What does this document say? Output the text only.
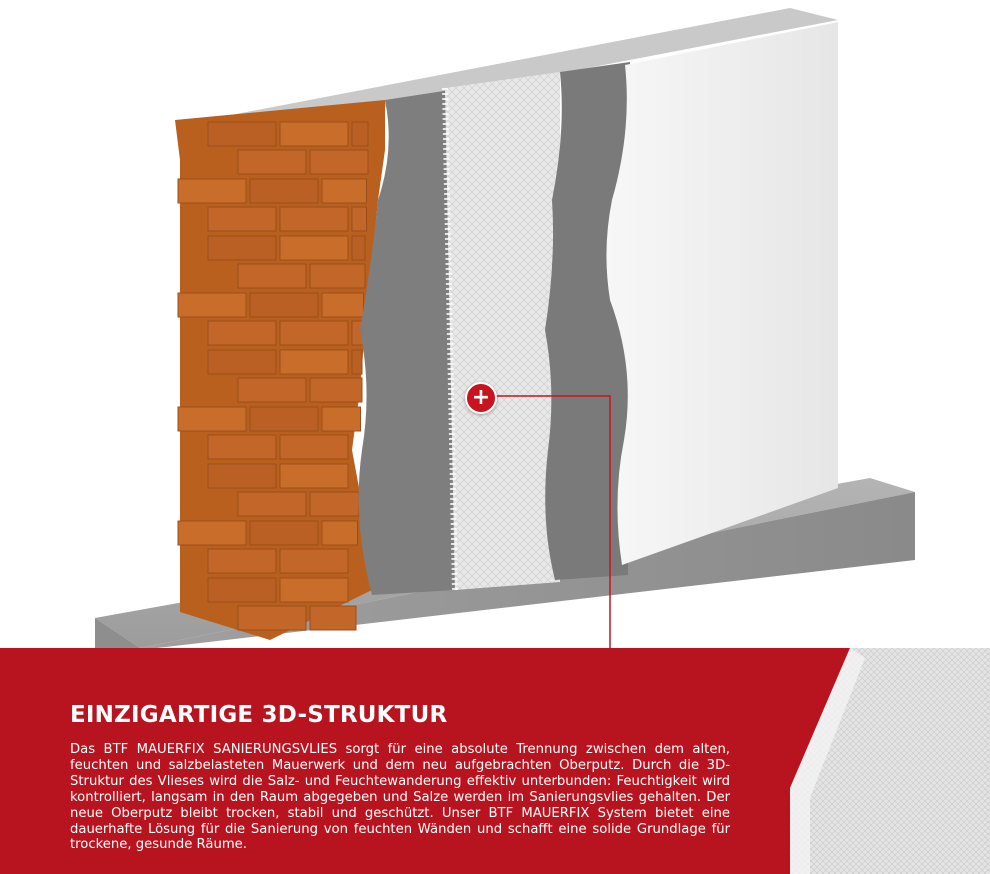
EINZIGARTIGE 3D-STRUKTUR

Das BTF MAUERFIX SANIERUNGSVLIES sorgt für eine absolute Trennung zwischen dem alten, feuchten und salzbelasteten Mauerwerk und dem neu aufgebrachten Oberputz. Durch die 3D-Struktur des Vlieses wird die Salz- und Feuchtewanderung effektiv unterbunden: Feuchtigkeit wird kontrolliert, langsam in den Raum abgegeben und Salze werden im Sanierungsvlies gehalten. Der neue Oberputz bleibt trocken, stabil und geschützt. Unser BTF MAUERFIX System bietet eine dauerhafte Lösung für die Sanierung von feuchten Wänden und schafft eine solide Grundlage für trockene, gesunde Räume.

+
